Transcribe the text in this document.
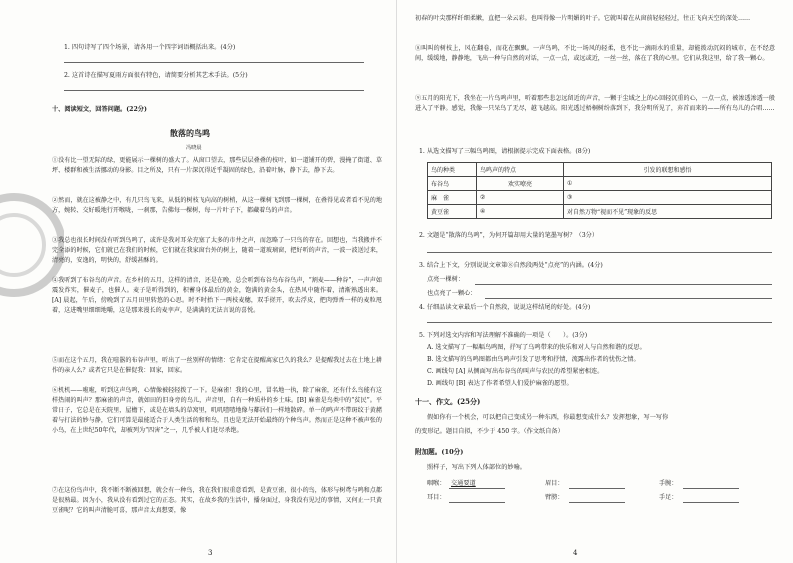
1. 四句诗写了四个场景，请各用一个四字词语概括出来。(4分)
2. 这首诗在描写夏雨方面很有特色，请简要分析其艺术手法。(5分)
十、阅读短文，回答问题。(22分)
散落的鸟鸣
冯晓晨
①没有比一望无际的绿，更能展示一棵树的盛大了。从窗口望去，那些层层叠叠的枝叶，如一道铺开的碧，漫掩了街道、草坪、楼群和被生活挪动的身影。目之所及，只有一片深沉得近乎凝固的绿色，沿着叶脉，静下去，静下去。
②然而，就在这被静之中，有几只鸟飞来，从低的树枝飞向高的树梢，从这一棵树飞到那一棵树，在叠得见或者看不见的地方，婉转、交好暖地行开喉咙，一刹那，告佛每一棵树，每一片叶子下，都藏着鸟的声音。
③我总也很长时间没有听到鸟鸣了，或许是我对耳朵充塞了太多的市井之声，而忽略了一只鸟的存在。回想也，当我搬并不完全添的时候，它们就已在我们的时候，它们就在我家窗台外的树上，随着一道玻璃窗，把好听的声音，一波一波送过来，清亮的，安逸的，明快的，舒缓甚酥的。
④我听到了布谷鸟的声音。在乡村的五月，这样的清音，还是在晚，总会听到布谷鸟布谷鸟声，“割麦——种谷”，一声声如震发炸实，催麦子，也催人。麦子是听得到的，积蓄身体最后的黄金，饱满的黄金头，在热风中随作着，清渐熟透出来。[A] 晨起，午后，傍晚到了五月田里转悠的心思。时不时抬下一两枝麦穗，双手搓开，吹去浮皮，把肉弹香一样的麦粒甩着，这进嘴里细细地嚼，这是那来漫长的麦孪声，是满满的无法言说的喜悦。
⑤而在这个五月，我在喧嚣的布谷声里，听出了一丝别样的情绪：它肯定在提醒离家已久的我么？是提醒我过去在土地上耕作的亲人么？或者它只是在催促我：回家，回家。
⑥机机——啦啦，听到这声鸟鸣，心情像被轻轻拨了一下。是麻雀！我的心里，冒名地一执，除了麻雀，还有什么鸟能有这样热闹的叫声？那麻雀的声音，就如田的旧身旁的鸟儿，声音里，自有一种质朴的乡土味。[B] 麻雀是鸟类中的“贫民”。平常日子，它总是在天院里，屋檐下，或是在墙头的草窝里，叽叽喳喳地像与鄰居们一样地散碎。单一的鸣声不带斑纹于黄赭着与打法的妙与静，它们可算是最能适合于人类生活的和和鸟，且也是无法开始最终的个种鸟声。然而正是这种不被声张的小鸟，在上世纪50年代，却被列为“四害”之一，几乎被人们赶尽杀绝。
⑦在这份鸟声中，我不断不断被回想，就会有一种鸟，我在我们很重意看到，是黄豆雀，很小的鸟，体形与树鸢与鸣和点都是很熟最。因为小，我从没有看到过它的正态。其实，在故乡我的生活中，播身面过，身我没有见过的事情，又何止一只黄豆雀呢？它的叫声清脆可喜，那声音太真想要，像
3
初春的叶尖那样纤细柔嫩，直把一朵云彩。也叫得像一片明媚的叶子。它就叫着在从窗前轻轻轻过，往正飞向天空的深处……
⑧叫叫的树枝上，风在翻卷，而花在飘飘。一声鸟鸣，不比一场风的轻柔，也不比一滴雨水的重量，却能拨动沉闷的城市，在不经意间，缓缓地，静静地，飞出一种与自然的对话，一点一点，或远或近，一丝一丝，落在了我的心里。它们从我这里，给了我一颗心。
⑨五月的阳光下，我坐在一片鸟鸣声里，听着那些悲怎远留近的声音，一颗于尘域之上的心回轻沉重的心，一点一点，被渗透渗透一般进入了平静。感觉，我像一只呆鸟了无尽，越飞越高。阳光透过梧桐树纷落到下，我分明所见了，弃首而来的——所有鸟儿的合唱……
1. 从选文描写了三幅鸟鸣图，请根据提示完成下面表格。(8分)
鸟的种类	鸟鸣声的特点	引发的联想和感悟
布谷鸟	欢实嘹亮	①
麻　雀	②	③
黄豆雀	④	对自然万物“视而不见”现象的反思
2. 文题是“散落的鸟鸣”，为何开篇却用大量的笔墨写树？（3分）
3. 结合上下文，分别说说文章第⑧自然段两处“点亮”的内涵。(4分)
点亮一棵树：
也点亮了一颗心：
4. 仔细品读文章最后一个自然段，说说这样结尾的好处。(4分)
5. 下列对选文内容和写法理解不准确的一项是（　　）。(3分)
A. 选文描写了一幅幅鸟鸣图，抒写了乌鸣带来的快乐和对人与自然和谐的反思。
B. 选文描写的鸟鸣图都由鸟鸣声引发了思考和抒情，流露出作者的忧伤之情。
C. 画线句 [A] 从侧面写出布谷鸟的叫声与农民的希望紧密相连。
D. 画线句 [B] 表达了作者希望人们爱护麻雀的愿望。
十一、作文。(25分)
假如你有一个机会，可以把自己变成另一种东西，你最想变成什么？发挥想象，写一写你
的变形记。题目自拟，不少于 450 字。（作文纸自备）
附加题。(10分)
照样子，写出下列人体部位的妙喻。
咽喉： 交通要道	眉目：	手腕：
耳目：	臂膀：	手足：
4
